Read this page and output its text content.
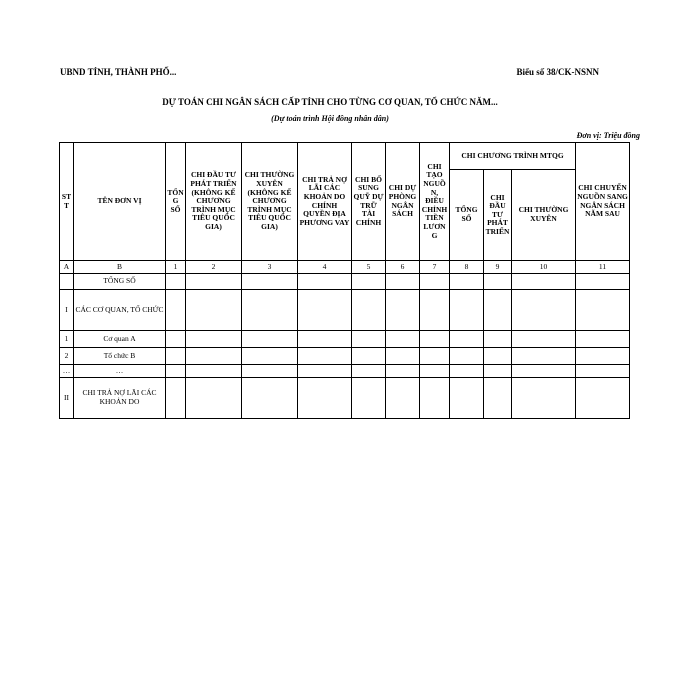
UBND TỈNH, THÀNH PHỐ...	Biểu số 38/CK-NSNN
DỰ TOÁN CHI NGÂN SÁCH CẤP TỈNH CHO TỪNG CƠ QUAN, TỔ CHỨC NĂM...
(Dự toán trình Hội đồng nhân dân)
Đơn vị: Triệu đồng
STT	TÊN ĐƠN VỊ	TỔNG SỐ	CHI ĐẦU TƯ PHÁT TRIỂN (KHÔNG KỂ CHƯƠNG TRÌNH MỤC TIÊU QUỐC GIA)	CHI THƯỜNG XUYÊN (KHÔNG KỂ CHƯƠNG TRÌNH MỤC TIÊU QUỐC GIA)	CHI TRẢ NỢ LÃI CÁC KHOẢN DO CHÍNH QUYỀN ĐỊA PHƯƠNG VAY	CHI BỔ SUNG QUỸ DỰ TRỮ TÀI CHÍNH	CHI DỰ PHÒNG NGÂN SÁCH	CHI TẠO NGUỒN, ĐIỀU CHỈNH TIỀN LƯƠNG	CHI CHƯƠNG TRÌNH MTQG			CHI CHUYỂN NGUỒN SANG NGÂN SÁCH NĂM SAU
									TỔNG SỐ	CHI ĐẦU TƯ PHÁT TRIỂN	CHI THƯỜNG XUYÊN	
A	B	1	2	3	4	5	6	7	8	9	10	11
	TỔNG SỐ											
I	CÁC CƠ QUAN, TỔ CHỨC											
1	Cơ quan A											
2	Tổ chức B											
…	…											
II	CHI TRẢ NỢ LÃI CÁC KHOẢN DO											
